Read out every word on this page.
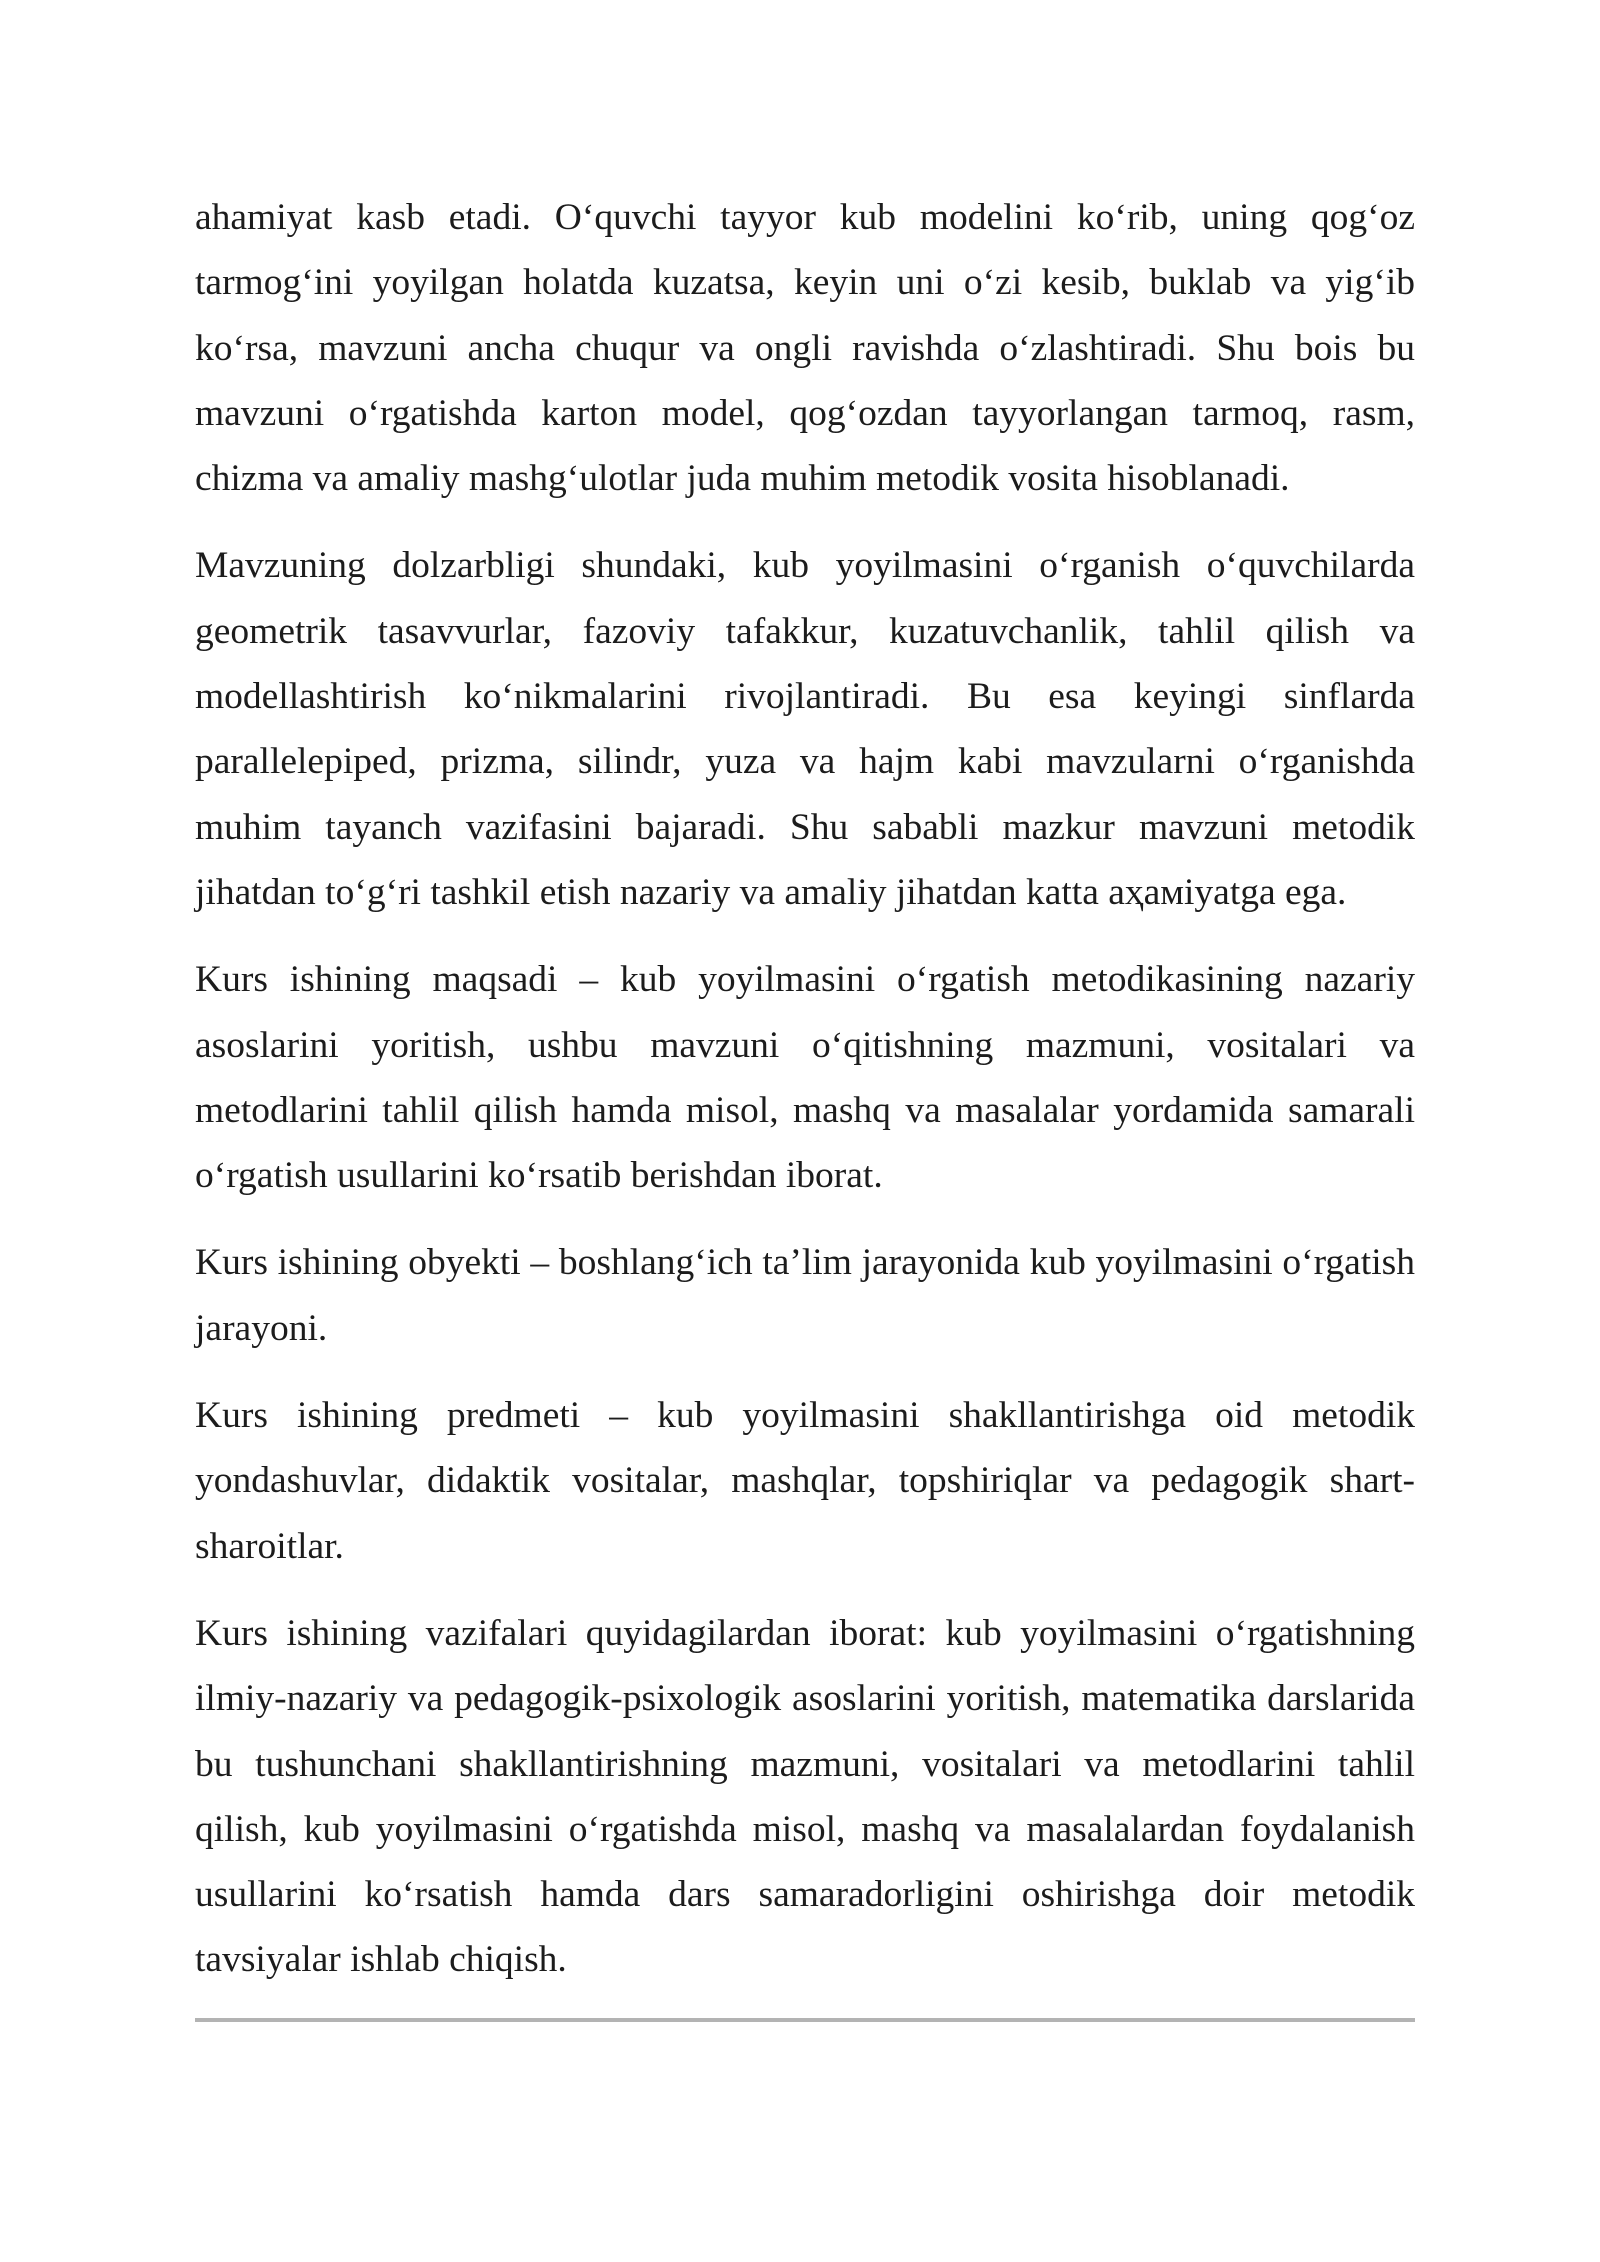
ahamiyat kasb etadi. O‘quvchi tayyor kub modelini ko‘rib, uning qog‘oz tarmog‘ini yoyilgan holatda kuzatsa, keyin uni o‘zi kesib, buklab va yig‘ib ko‘rsa, mavzuni ancha chuqur va ongli ravishda o‘zlashtiradi. Shu bois bu mavzuni o‘rgatishda karton model, qog‘ozdan tayyorlangan tarmoq, rasm, chizma va amaliy mashg‘ulotlar juda muhim metodik vosita hisoblanadi.

Mavzuning dolzarbligi shundaki, kub yoyilmasini o‘rganish o‘quvchilarda geometrik tasavvurlar, fazoviy tafakkur, kuzatuvchanlik, tahlil qilish va modellashtirish ko‘nikmalarini rivojlantiradi. Bu esa keyingi sinflarda parallelepiped, prizma, silindr, yuza va hajm kabi mavzularni o‘rganishda muhim tayanch vazifasini bajaradi. Shu sababli mazkur mavzuni metodik jihatdan to‘g‘ri tashkil etish nazariy va amaliy jihatdan katta aҳамiyatga ega.

Kurs ishining maqsadi – kub yoyilmasini o‘rgatish metodikasining nazariy asoslarini yoritish, ushbu mavzuni o‘qitishning mazmuni, vositalari va metodlarini tahlil qilish hamda misol, mashq va masalalar yordamida samarali o‘rgatish usullarini ko‘rsatib berishdan iborat.

Kurs ishining obyekti – boshlang‘ich ta’lim jarayonida kub yoyilmasini o‘rgatish jarayoni.

Kurs ishining predmeti – kub yoyilmasini shakllantirishga oid metodik yondashuvlar, didaktik vositalar, mashqlar, topshiriqlar va pedagogik shart-sharoitlar.

Kurs ishining vazifalari quyidagilardan iborat: kub yoyilmasini o‘rgatishning ilmiy-nazariy va pedagogik-psixologik asoslarini yoritish, matematika darslarida bu tushunchani shakllantirishning mazmuni, vositalari va metodlarini tahlil qilish, kub yoyilmasini o‘rgatishda misol, mashq va masalalardan foydalanish usullarini ko‘rsatish hamda dars samaradorligini oshirishga doir metodik tavsiyalar ishlab chiqish.
